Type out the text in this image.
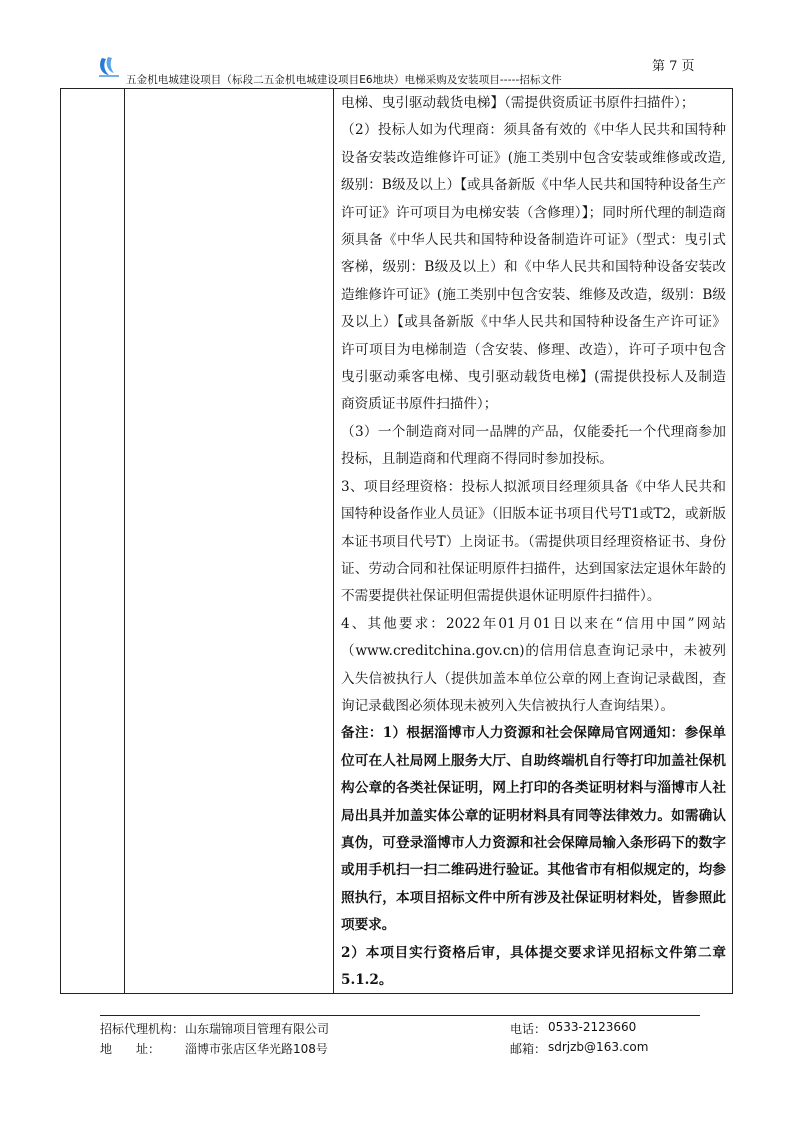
五金机电城建设项目（标段二五金机电城建设项目E6地块）电梯采购及安装项目-----招标文件
第 7 页

电梯、曳引驱动载货电梯】（需提供资质证书原件扫描件）；

（2）投标人如为代理商：须具备有效的《中华人民共和国特种设备安装改造维修许可证》(施工类别中包含安装或维修或改造,级别：B级及以上）【或具备新版《中华人民共和国特种设备生产许可证》许可项目为电梯安装（含修理）】；同时所代理的制造商须具备《中华人民共和国特种设备制造许可证》（型式：曳引式客梯，级别：B级及以上）和《中华人民共和国特种设备安装改造维修许可证》(施工类别中包含安装、维修及改造，级别：B级及以上）【或具备新版《中华人民共和国特种设备生产许可证》许可项目为电梯制造（含安装、修理、改造），许可子项中包含曳引驱动乘客电梯、曳引驱动载货电梯】(需提供投标人及制造商资质证书原件扫描件）；

（3）一个制造商对同一品牌的产品，仅能委托一个代理商参加投标，且制造商和代理商不得同时参加投标。

3、项目经理资格：投标人拟派项目经理须具备《中华人民共和国特种设备作业人员证》（旧版本证书项目代号T1或T2，或新版本证书项目代号T）上岗证书。（需提供项目经理资格证书、身份证、劳动合同和社保证明原件扫描件，达到国家法定退休年龄的不需要提供社保证明但需提供退休证明原件扫描件）。

4、其他要求：2022年01月01日以来在“信用中国”网站（www.creditchina.gov.cn)的信用信息查询记录中，未被列入失信被执行人（提供加盖本单位公章的网上查询记录截图，查询记录截图必须体现未被列入失信被执行人查询结果）。

备注：1）根据淄博市人力资源和社会保障局官网通知：参保单位可在人社局网上服务大厅、自助终端机自行等打印加盖社保机构公章的各类社保证明，网上打印的各类证明材料与淄博市人社局出具并加盖实体公章的证明材料具有同等法律效力。如需确认真伪，可登录淄博市人力资源和社会保障局输入条形码下的数字或用手机扫一扫二维码进行验证。其他省市有相似规定的，均参照执行，本项目招标文件中所有涉及社保证明材料处，皆参照此项要求。

2）本项目实行资格后审，具体提交要求详见招标文件第二章5.1.2。

招标代理机构： 山东瑞锦项目管理有限公司
地　　址： 淄博市张店区华光路108号
电话： 0533-2123660
邮箱： sdrjzb@163.com
